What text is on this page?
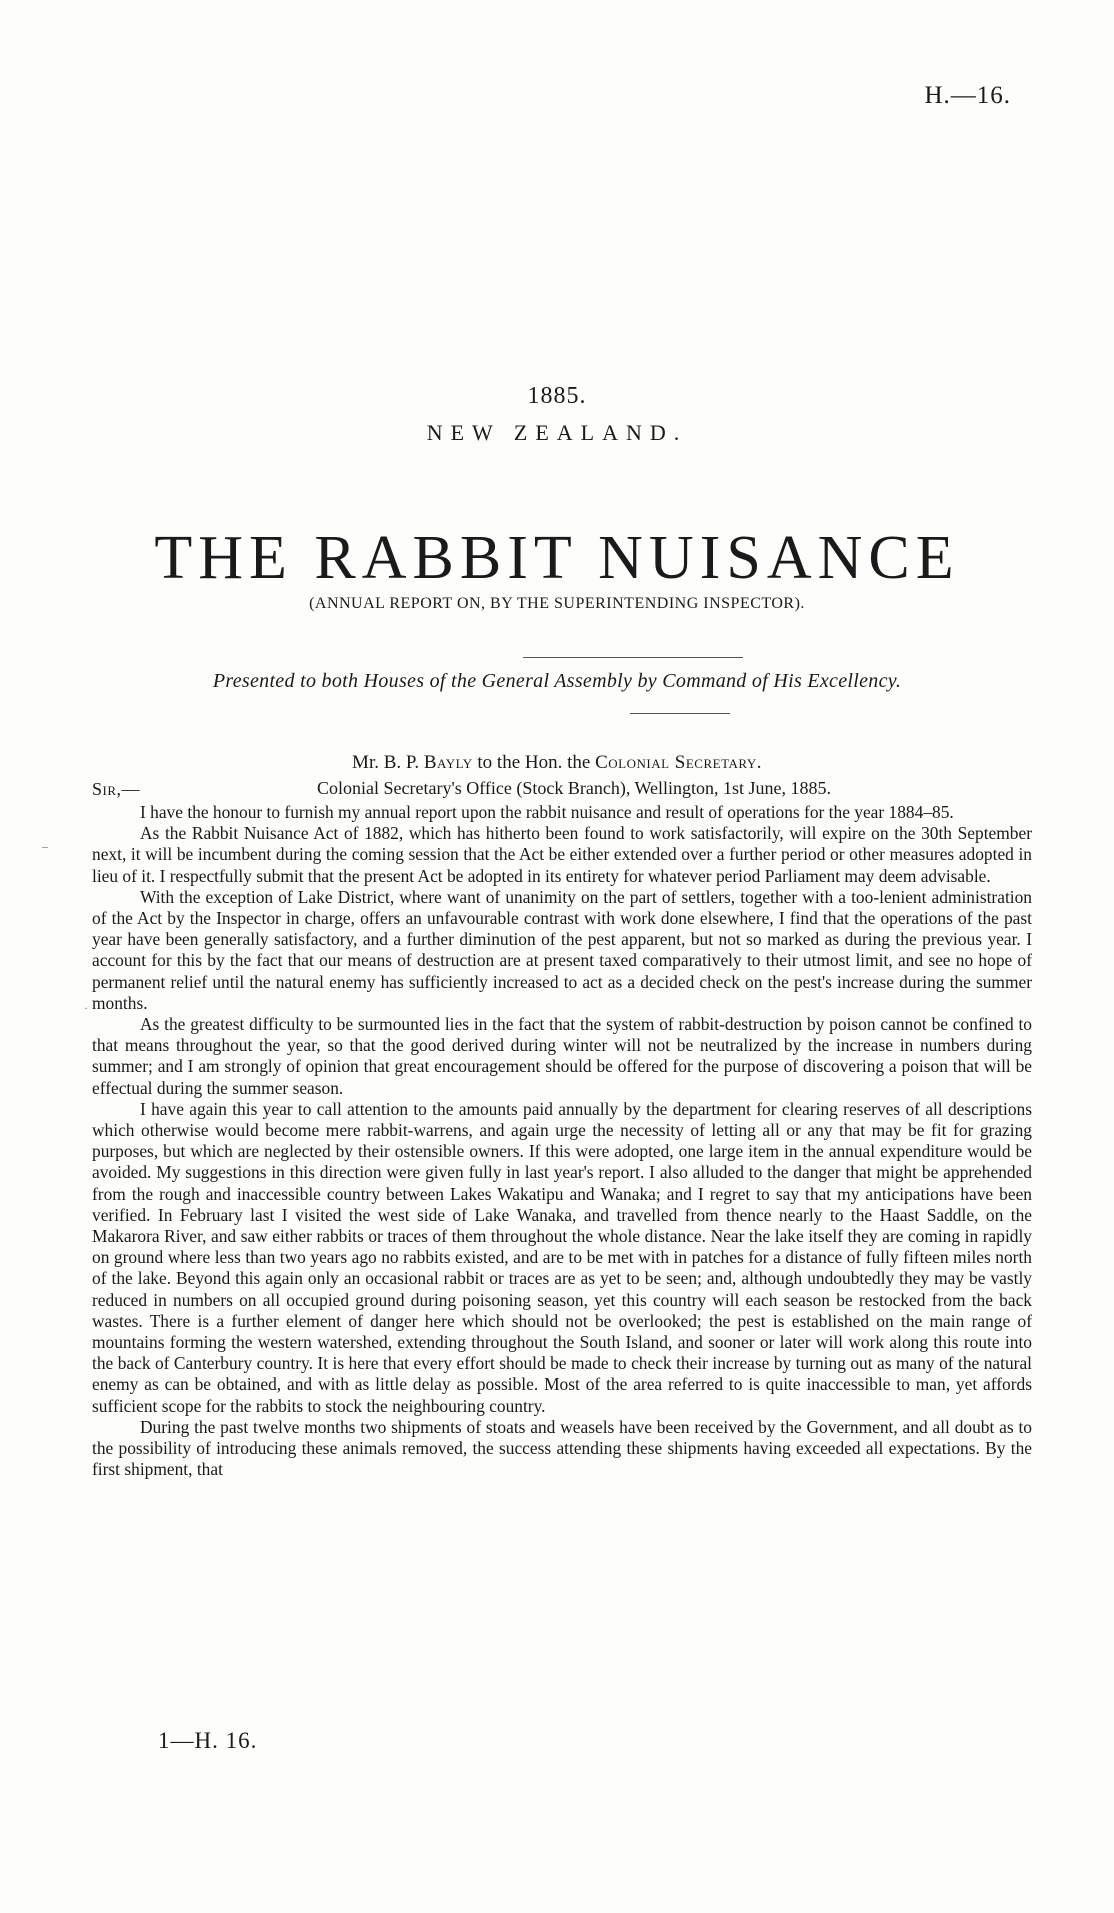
H.—16.
1885.
NEW ZEALAND.
THE RABBIT NUISANCE
(ANNUAL REPORT ON, BY THE SUPERINTENDING INSPECTOR).
Presented to both Houses of the General Assembly by Command of His Excellency.
Mr. B. P. Bayly to the Hon. the Colonial Secretary.
Sir,—	Colonial Secretary's Office (Stock Branch), Wellington, 1st June, 1885.
–
·

I have the honour to furnish my annual report upon the rabbit nuisance and result of operations for the year 1884–85.

As the Rabbit Nuisance Act of 1882, which has hitherto been found to work satisfactorily, will expire on the 30th September next, it will be incumbent during the coming session that the Act be either extended over a further period or other measures adopted in lieu of it. I respectfully submit that the present Act be adopted in its entirety for whatever period Parliament may deem advisable.

With the exception of Lake District, where want of unanimity on the part of settlers, together with a too-lenient administration of the Act by the Inspector in charge, offers an unfavourable contrast with work done elsewhere, I find that the operations of the past year have been generally satisfactory, and a further diminution of the pest apparent, but not so marked as during the previous year. I account for this by the fact that our means of destruction are at present taxed comparatively to their utmost limit, and see no hope of permanent relief until the natural enemy has sufficiently increased to act as a decided check on the pest's increase during the summer months.

As the greatest difficulty to be surmounted lies in the fact that the system of rabbit-destruction by poison cannot be confined to that means throughout the year, so that the good derived during winter will not be neutralized by the increase in numbers during summer; and I am strongly of opinion that great encouragement should be offered for the purpose of discovering a poison that will be effectual during the summer season.

I have again this year to call attention to the amounts paid annually by the department for clearing reserves of all descriptions which otherwise would become mere rabbit-warrens, and again urge the necessity of letting all or any that may be fit for grazing purposes, but which are neglected by their ostensible owners. If this were adopted, one large item in the annual expenditure would be avoided. My suggestions in this direction were given fully in last year's report. I also alluded to the danger that might be apprehended from the rough and inaccessible country between Lakes Wakatipu and Wanaka; and I regret to say that my anticipations have been verified. In February last I visited the west side of Lake Wanaka, and travelled from thence nearly to the Haast Saddle, on the Makarora River, and saw either rabbits or traces of them throughout the whole distance. Near the lake itself they are coming in rapidly on ground where less than two years ago no rabbits existed, and are to be met with in patches for a distance of fully fifteen miles north of the lake. Beyond this again only an occasional rabbit or traces are as yet to be seen; and, although undoubtedly they may be vastly reduced in numbers on all occupied ground during poisoning season, yet this country will each season be restocked from the back wastes. There is a further element of danger here which should not be overlooked; the pest is established on the main range of mountains forming the western watershed, extending throughout the South Island, and sooner or later will work along this route into the back of Canterbury country. It is here that every effort should be made to check their increase by turning out as many of the natural enemy as can be obtained, and with as little delay as possible. Most of the area referred to is quite inaccessible to man, yet affords sufficient scope for the rabbits to stock the neighbouring country.

During the past twelve months two shipments of stoats and weasels have been received by the Government, and all doubt as to the possibility of introducing these animals removed, the success attending these shipments having exceeded all expectations. By the first shipment, that

1—H. 16.
